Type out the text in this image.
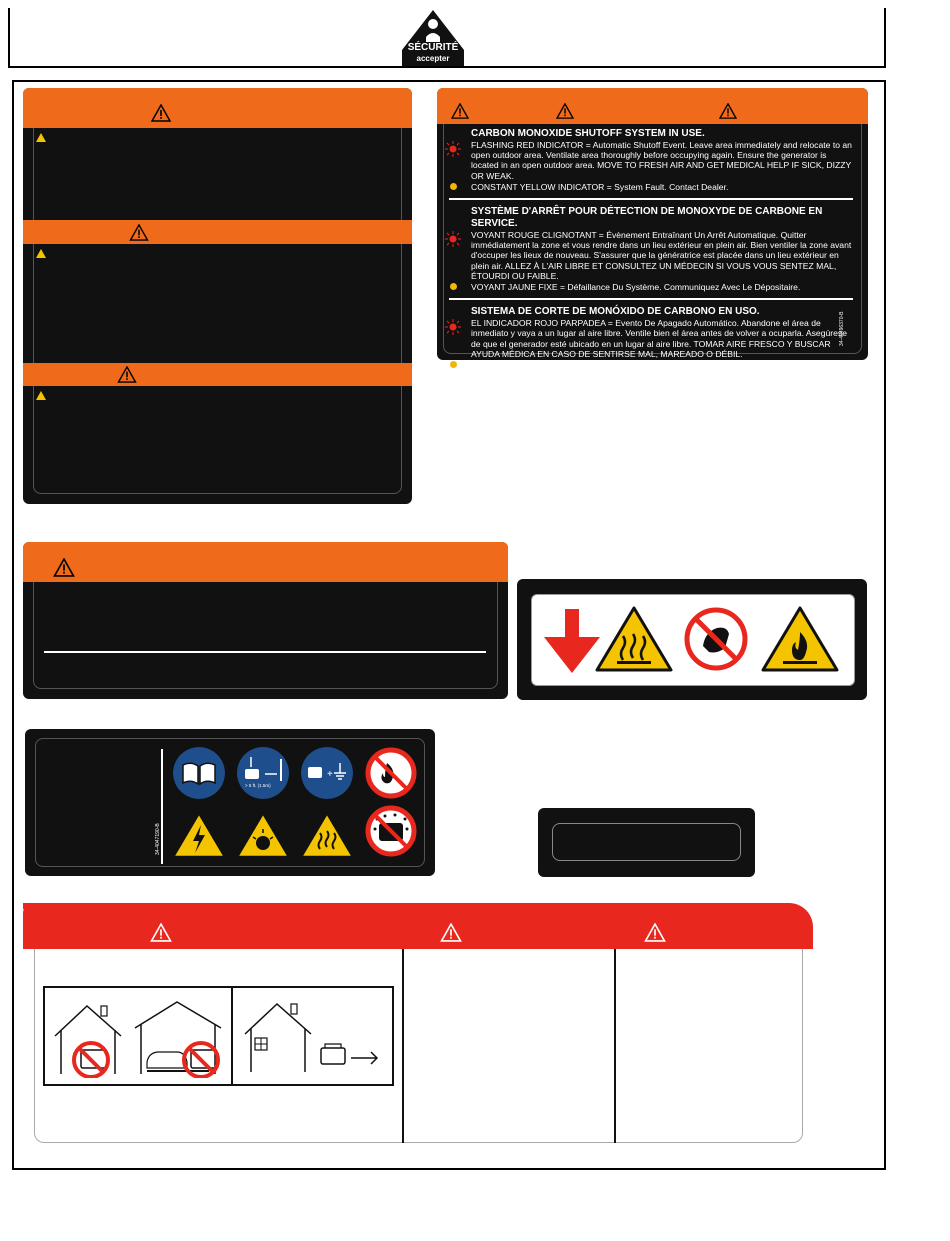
SÉCURITÉ
accepter
CARBON MONOXIDE SHUTOFF SYSTEM IN USE.
FLASHING RED INDICATOR = Automatic Shutoff Event. Leave area immediately and relocate to an open outdoor area. Ventilate area thoroughly before occupying again. Ensure the generator is located in an open outdoor area. MOVE TO FRESH AIR AND GET MEDICAL HELP IF SICK, DIZZY OR WEAK.
CONSTANT YELLOW INDICATOR = System Fault. Contact Dealer.
SYSTÈME D'ARRÊT POUR DÉTECTION DE MONOXYDE DE CARBONE EN SERVICE.
VOYANT ROUGE CLIGNOTANT = Évènement Entraînant Un Arrêt Automatique. Quitter immédiatement la zone et vous rendre dans un lieu extérieur en plein air. Bien ventiler la zone avant d'occuper les lieux de nouveau. S'assurer que la génératrice est placée dans un lieu extérieur en plein air. ALLEZ À L'AIR LIBRE ET CONSULTEZ UN MÉDECIN SI VOUS VOUS SENTEZ MAL, ÉTOURDI OU FAIBLE.
VOYANT JAUNE FIXE = Défaillance Du Système. Communiquez Avec Le Dépositaire.
SISTEMA DE CORTE DE MONÓXIDO DE CARBONO EN USO.
EL INDICADOR ROJO PARPADEA = Evento De Apagado Automático. Abandone el área de inmediato y vaya a un lugar al aire libre. Ventile bien el área antes de volver a ocuparla. Asegúrese de que el generador esté ubicado en un lugar al aire libre. TOMAR AIRE FRESCO Y BUSCAR AYUDA MÉDICA EN CASO DE SENTIRSE MAL, MAREADO O DÉBIL.
INDICADOR AMARILLA DE CONTACTO = Falla Del Sistema. Comuníquese Con El Distribuidor.
34-40496370-B
34-4047190-B
> 5 ft. (1.5m)
+
